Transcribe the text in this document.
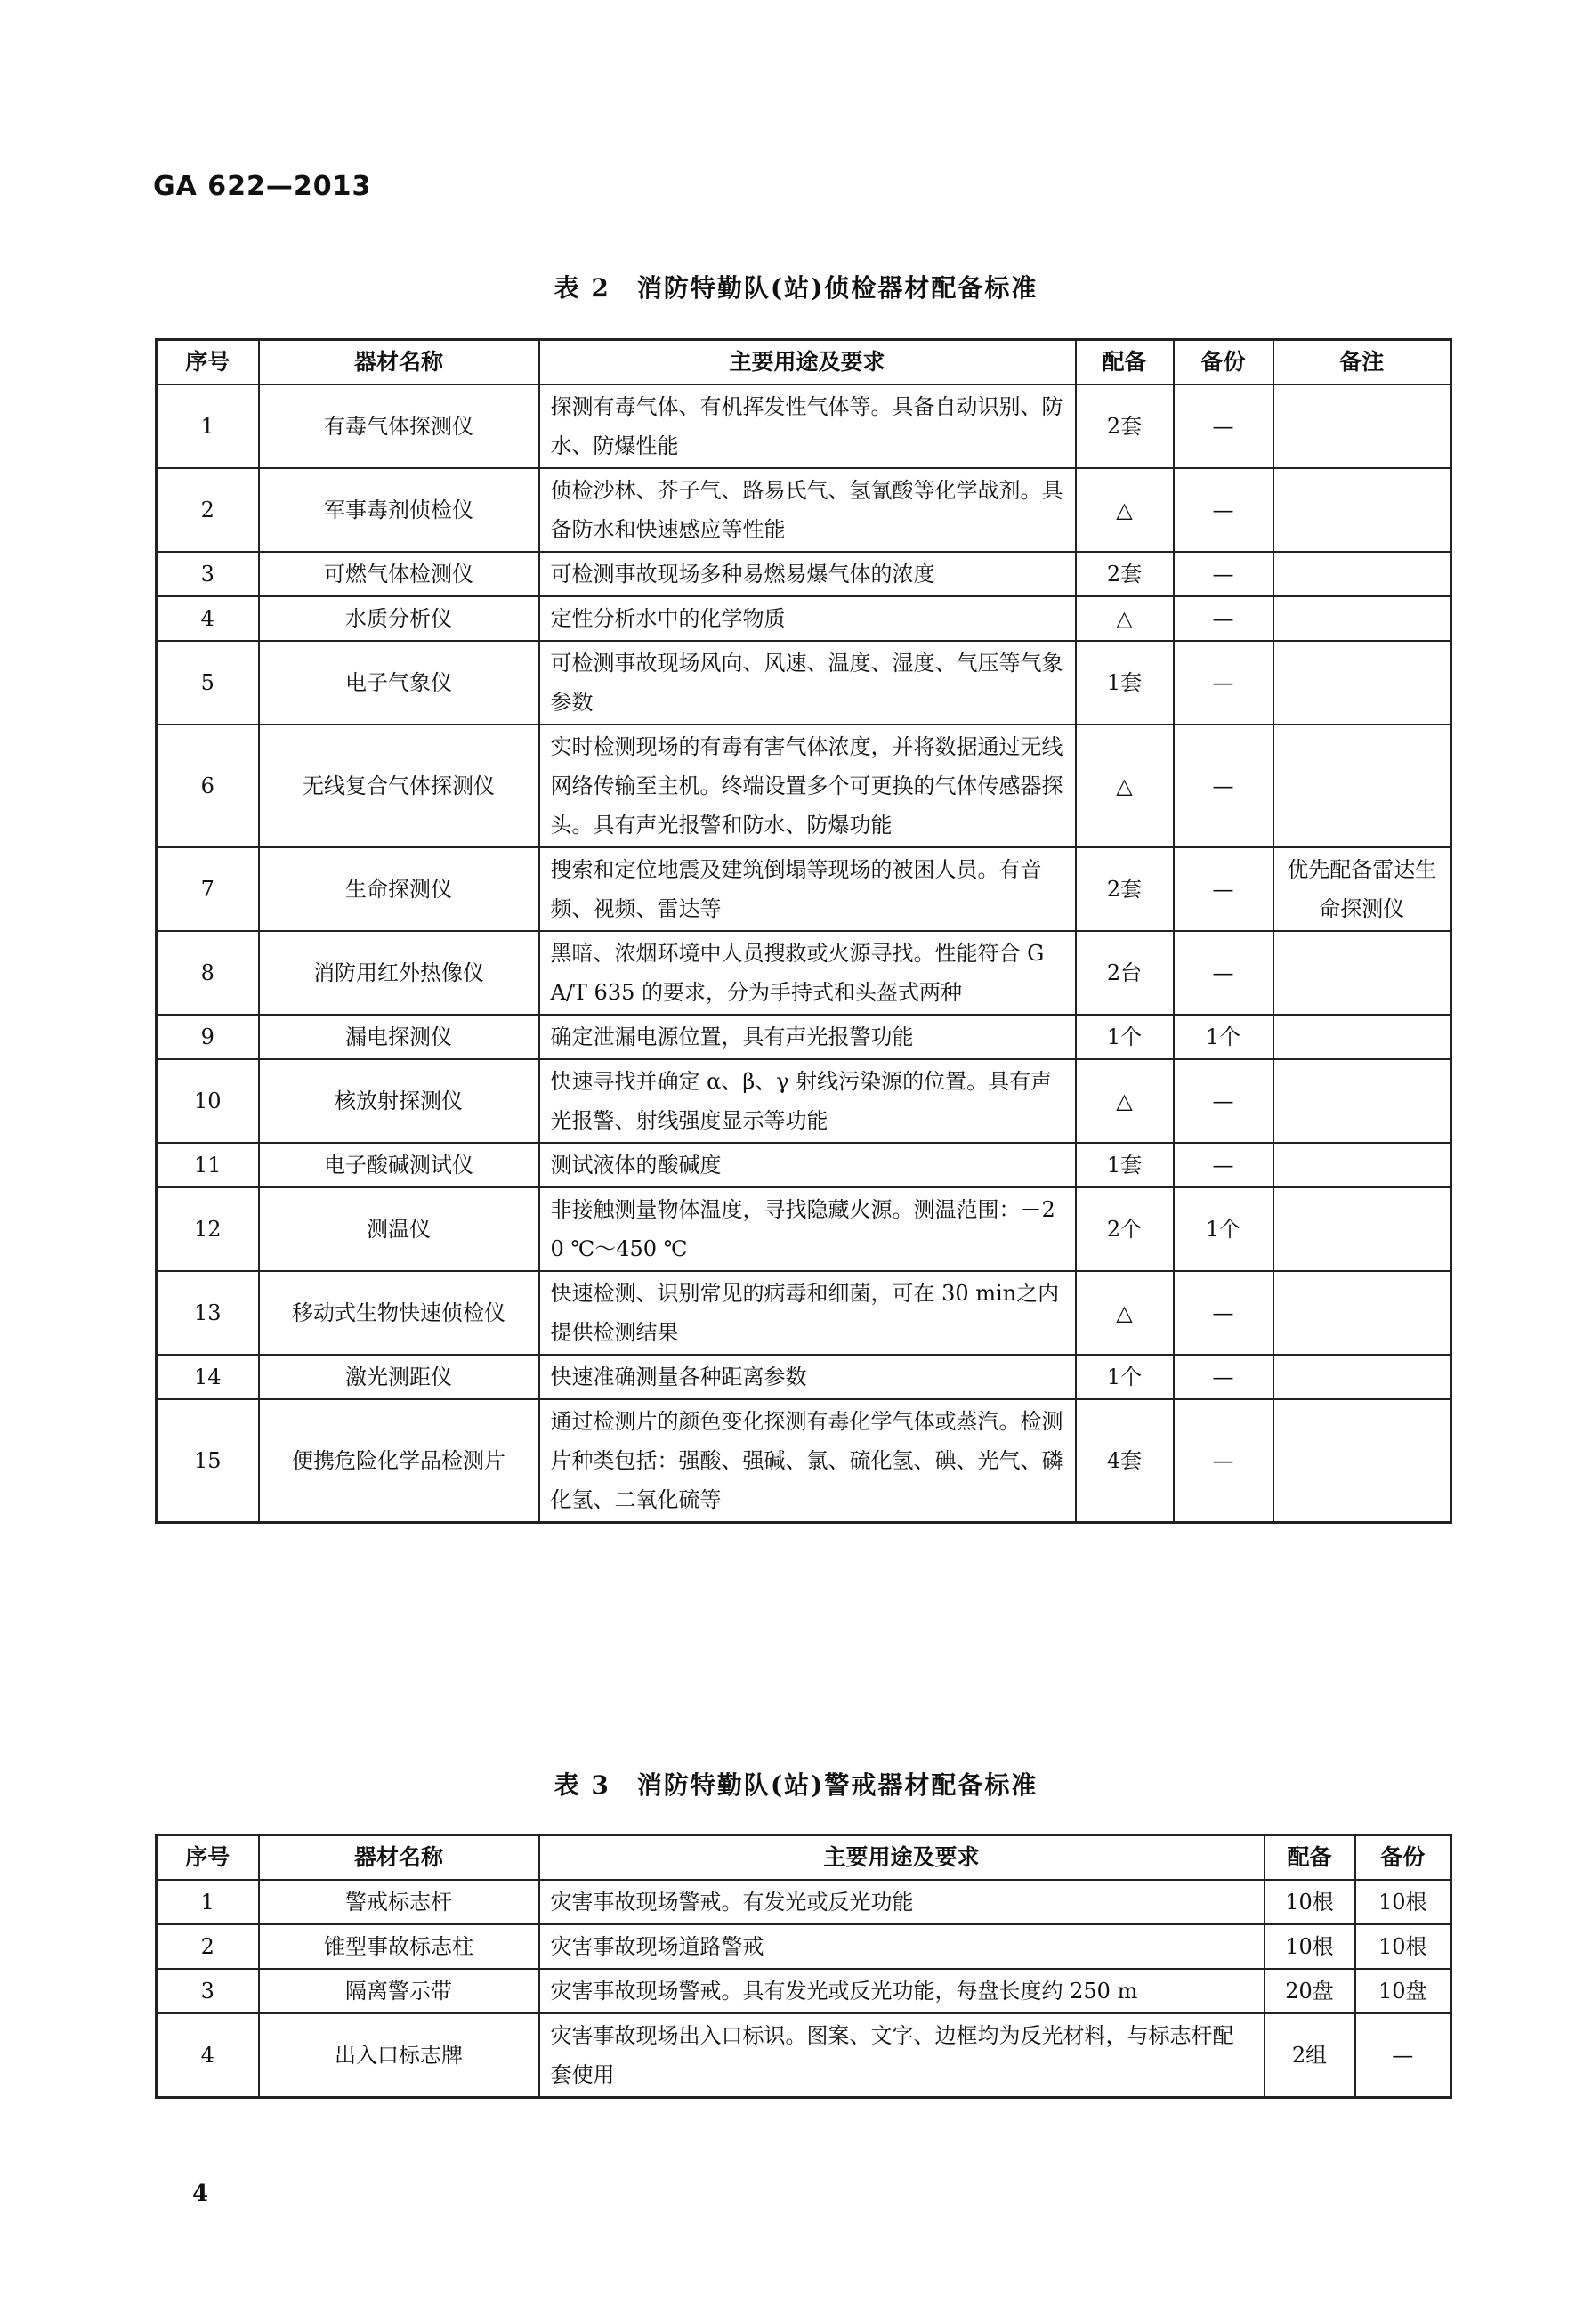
GA 622—2013
表 2　消防特勤队(站)侦检器材配备标准
序号	器材名称	主要用途及要求	配备	备份	备注
1	有毒气体探测仪	探测有毒气体、有机挥发性气体等。具备自动识别、防水、防爆性能	2套	—	
2	军事毒剂侦检仪	侦检沙林、芥子气、路易氏气、氢氰酸等化学战剂。具备防水和快速感应等性能	△	—	
3	可燃气体检测仪	可检测事故现场多种易燃易爆气体的浓度	2套	—	
4	水质分析仪	定性分析水中的化学物质	△	—	
5	电子气象仪	可检测事故现场风向、风速、温度、湿度、气压等气象参数	1套	—	
6	无线复合气体探测仪	实时检测现场的有毒有害气体浓度，并将数据通过无线网络传输至主机。终端设置多个可更换的气体传感器探头。具有声光报警和防水、防爆功能	△	—	
7	生命探测仪	搜索和定位地震及建筑倒塌等现场的被困人员。有音频、视频、雷达等	2套	—	优先配备雷达生命探测仪
8	消防用红外热像仪	黑暗、浓烟环境中人员搜救或火源寻找。性能符合 GA/T 635 的要求，分为手持式和头盔式两种	2台	—	
9	漏电探测仪	确定泄漏电源位置，具有声光报警功能	1个	1个	
10	核放射探测仪	快速寻找并确定 α、β、γ 射线污染源的位置。具有声光报警、射线强度显示等功能	△	—	
11	电子酸碱测试仪	测试液体的酸碱度	1套	—	
12	测温仪	非接触测量物体温度，寻找隐藏火源。测温范围：－20 ℃～450 ℃	2个	1个	
13	移动式生物快速侦检仪	快速检测、识别常见的病毒和细菌，可在 30 min之内提供检测结果	△	—	
14	激光测距仪	快速准确测量各种距离参数	1个	—	
15	便携危险化学品检测片	通过检测片的颜色变化探测有毒化学气体或蒸汽。检测片种类包括：强酸、强碱、氯、硫化氢、碘、光气、磷化氢、二氧化硫等	4套	—	
表 3　消防特勤队(站)警戒器材配备标准
序号	器材名称	主要用途及要求	配备	备份
1	警戒标志杆	灾害事故现场警戒。有发光或反光功能	10根	10根
2	锥型事故标志柱	灾害事故现场道路警戒	10根	10根
3	隔离警示带	灾害事故现场警戒。具有发光或反光功能，每盘长度约 250 m	20盘	10盘
4	出入口标志牌	灾害事故现场出入口标识。图案、文字、边框均为反光材料，与标志杆配套使用	2组	—
4
